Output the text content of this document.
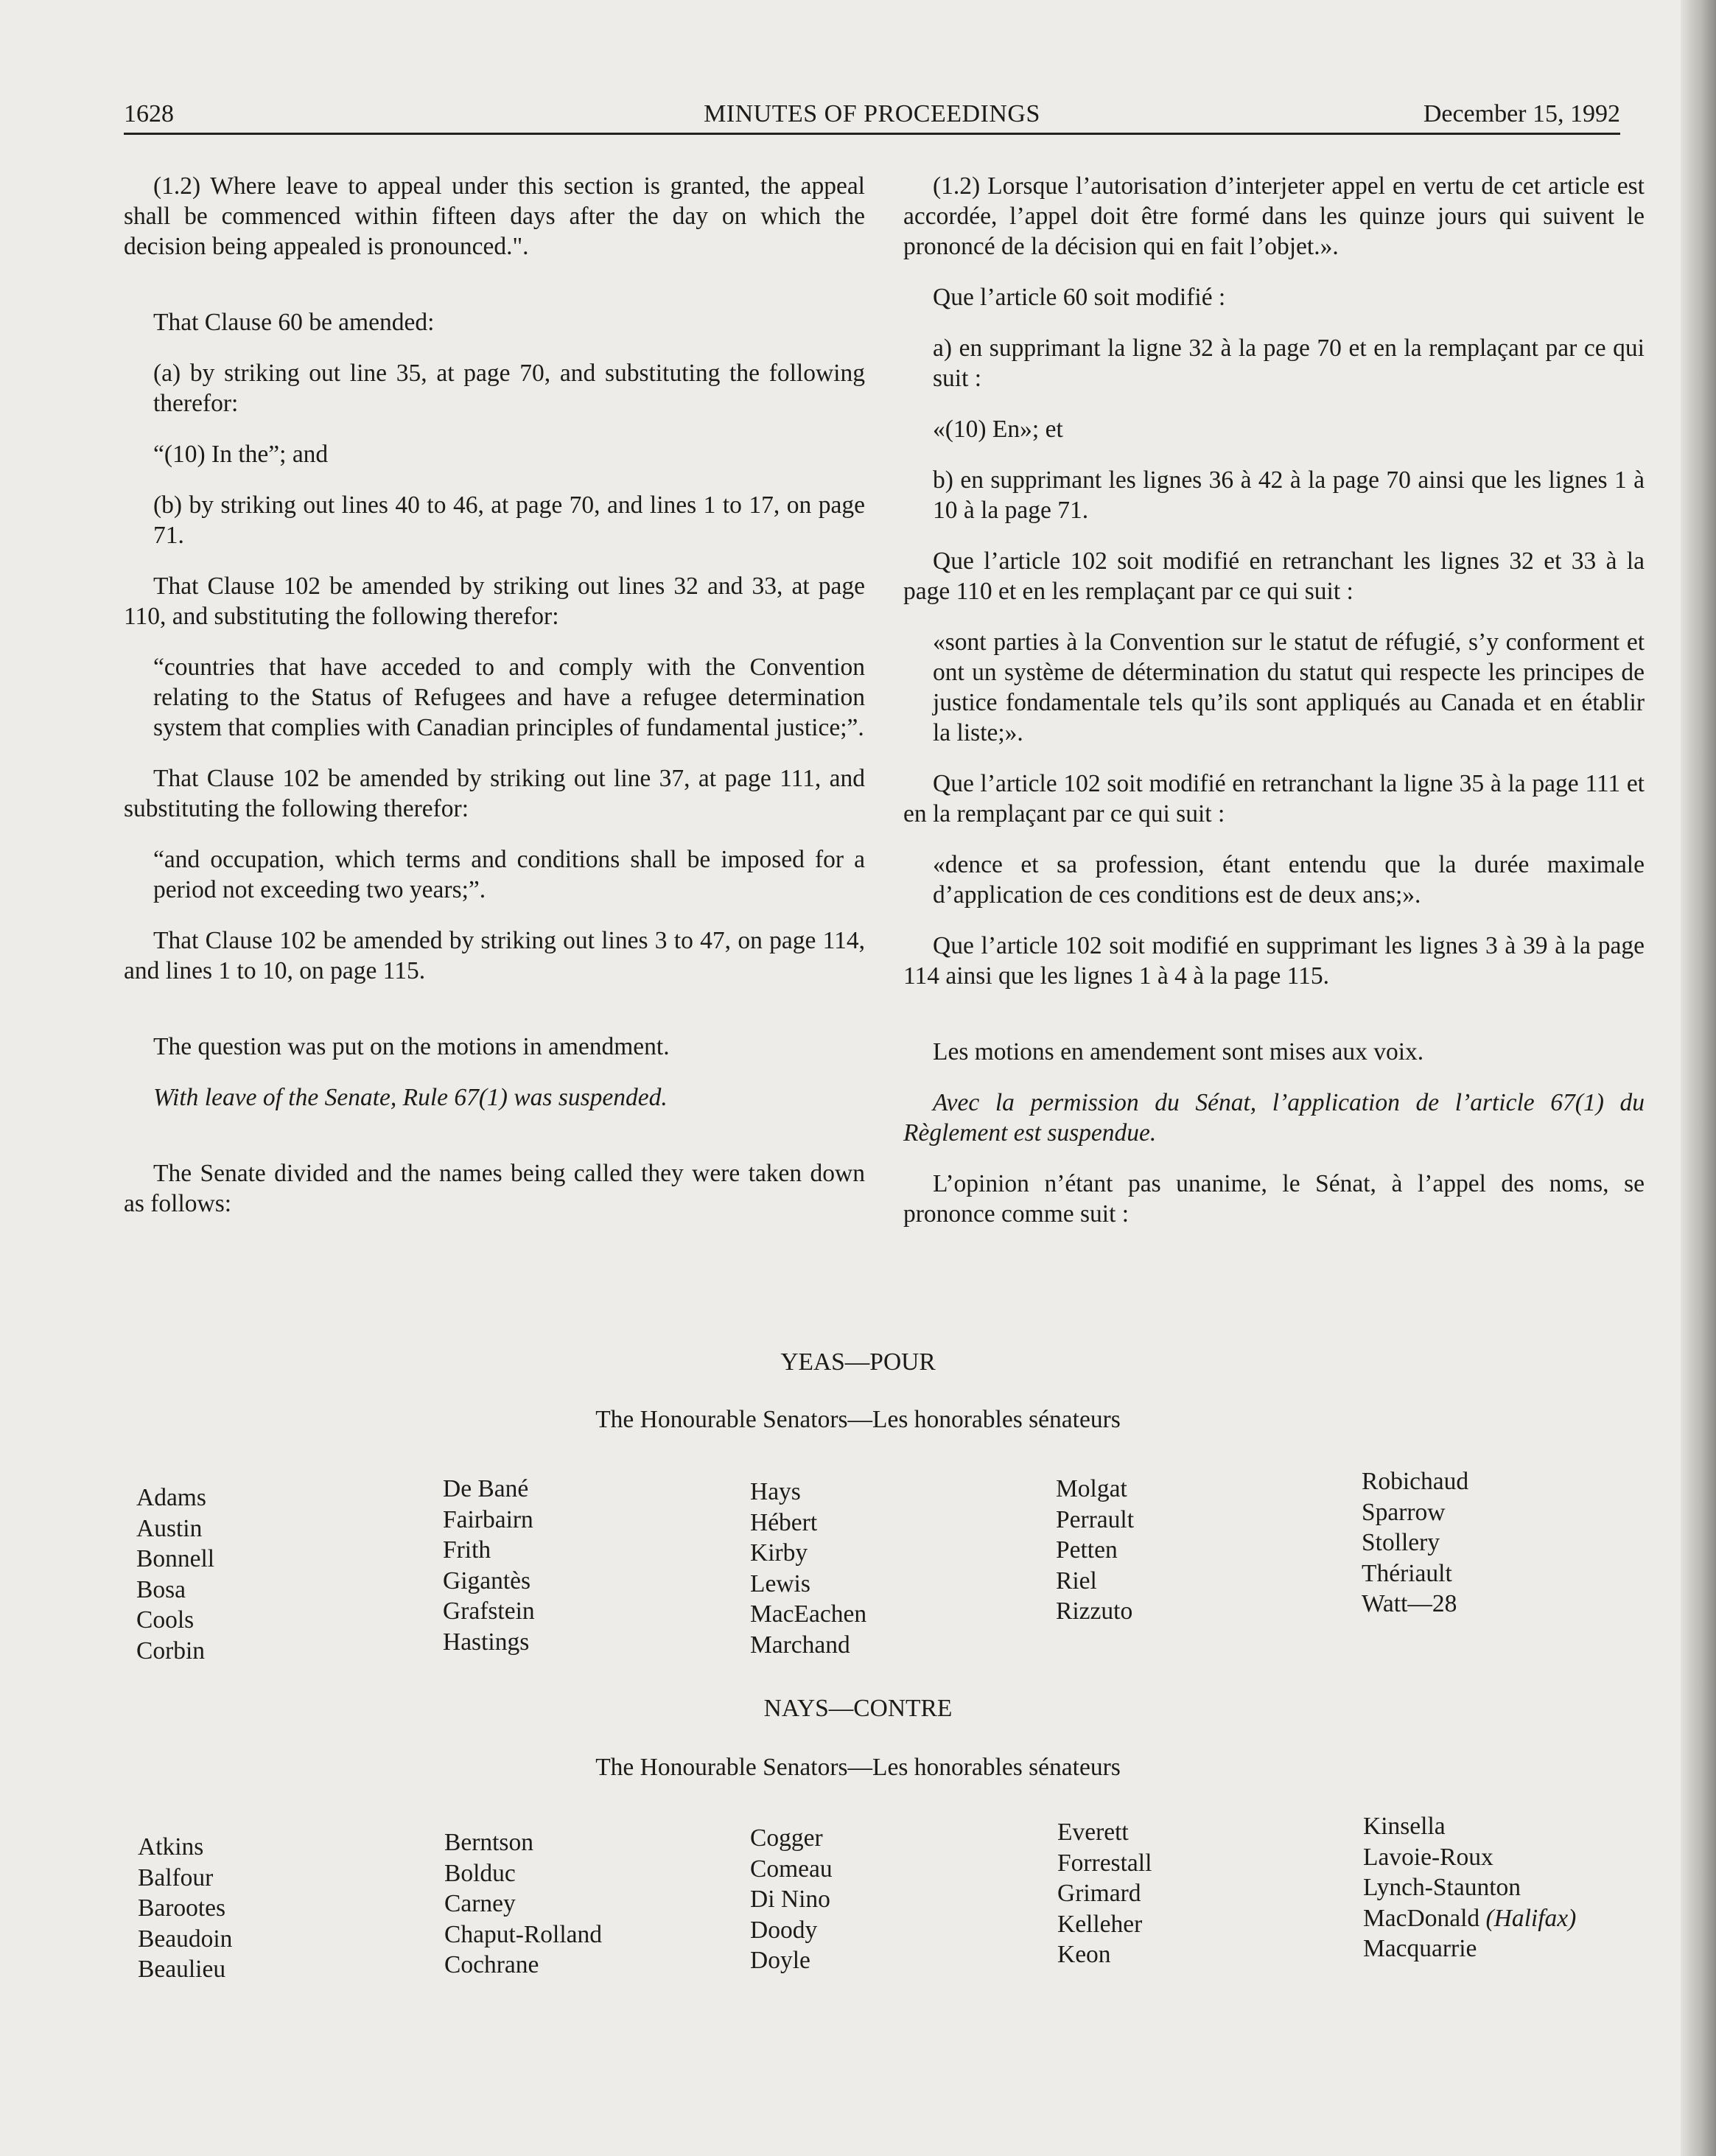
1628	MINUTES OF PROCEEDINGS	December 15, 1992

(1.2) Where leave to appeal under this section is granted, the appeal shall be commenced within fifteen days after the day on which the decision being appealed is pronounced.".

That Clause 60 be amended:

(a) by striking out line 35, at page 70, and substituting the following therefor:

“(10) In the”; and

(b) by striking out lines 40 to 46, at page 70, and lines 1 to 17, on page 71.

That Clause 102 be amended by striking out lines 32 and 33, at page 110, and substituting the following therefor:

“countries that have acceded to and comply with the Convention relating to the Status of Refugees and have a refugee determination system that complies with Canadian principles of fundamental justice;”.

That Clause 102 be amended by striking out line 37, at page 111, and substituting the following therefor:

“and occupation, which terms and conditions shall be imposed for a period not exceeding two years;”.

That Clause 102 be amended by striking out lines 3 to 47, on page 114, and lines 1 to 10, on page 115.

The question was put on the motions in amendment.

With leave of the Senate, Rule 67(1) was suspended.

The Senate divided and the names being called they were taken down as follows:

(1.2) Lorsque l’autorisation d’interjeter appel en vertu de cet article est accordée, l’appel doit être formé dans les quinze jours qui suivent le prononcé de la décision qui en fait l’objet.».

Que l’article 60 soit modifié :

a) en supprimant la ligne 32 à la page 70 et en la remplaçant par ce qui suit :

«(10) En»; et

b) en supprimant les lignes 36 à 42 à la page 70 ainsi que les lignes 1 à 10 à la page 71.

Que l’article 102 soit modifié en retranchant les lignes 32 et 33 à la page 110 et en les remplaçant par ce qui suit :

«sont parties à la Convention sur le statut de réfugié, s’y conforment et ont un système de détermination du statut qui respecte les principes de justice fondamentale tels qu’ils sont appliqués au Canada et en établir la liste;».

Que l’article 102 soit modifié en retranchant la ligne 35 à la page 111 et en la remplaçant par ce qui suit :

«dence et sa profession, étant entendu que la durée maximale d’application de ces conditions est de deux ans;».

Que l’article 102 soit modifié en supprimant les lignes 3 à 39 à la page 114 ainsi que les lignes 1 à 4 à la page 115.

Les motions en amendement sont mises aux voix.

Avec la permission du Sénat, l’application de l’article 67(1) du Règlement est suspendue.

L’opinion n’étant pas unanime, le Sénat, à l’appel des noms, se prononce comme suit :

YEAS—POUR
The Honourable Senators—Les honorables sénateurs
Adams
Austin
Bonnell
Bosa
Cools
Corbin
De Bané
Fairbairn
Frith
Gigantès
Grafstein
Hastings
Hays
Hébert
Kirby
Lewis
MacEachen
Marchand
Molgat
Perrault
Petten
Riel
Rizzuto
Robichaud
Sparrow
Stollery
Thériault
Watt—28
NAYS—CONTRE
The Honourable Senators—Les honorables sénateurs
Atkins
Balfour
Barootes
Beaudoin
Beaulieu
Berntson
Bolduc
Carney
Chaput-Rolland
Cochrane
Cogger
Comeau
Di Nino
Doody
Doyle
Everett
Forrestall
Grimard
Kelleher
Keon
Kinsella
Lavoie-Roux
Lynch-Staunton
MacDonald (Halifax)
Macquarrie
